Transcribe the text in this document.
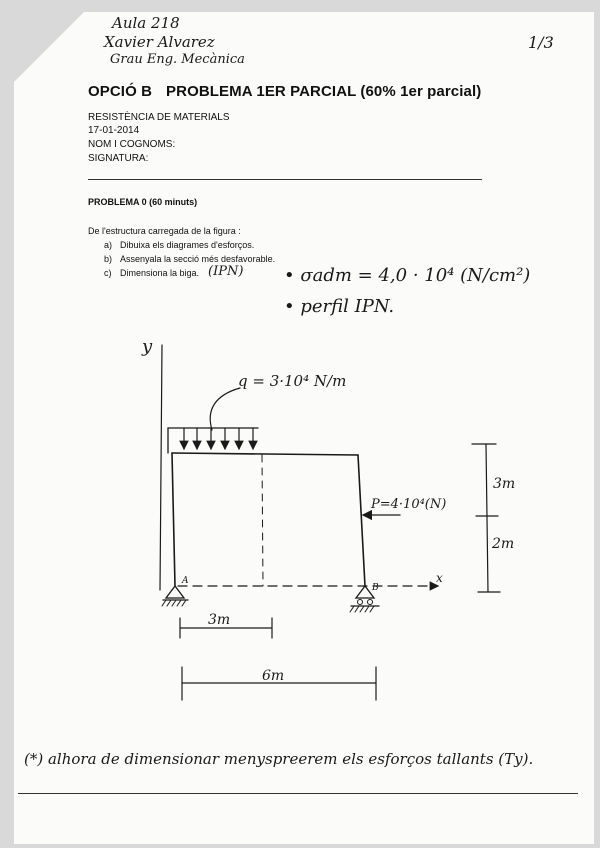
Aula 218
Xavier Alvarez
Grau Eng. Mecànica
1/3
OPCIÓ B PROBLEMA 1ER PARCIAL (60% 1er parcial)
RESISTÈNCIA DE MATERIALS
17-01-2014
NOM I COGNOMS:
SIGNATURA:
PROBLEMA 0 (60 minuts)
De l'estructura carregada de la figura :
a) Dibuixa els diagrames d'esforços.
b) Assenyala la secció més desfavorable.
c) Dimensiona la biga. (IPN) • σadm = 4,0 · 10⁴ (N/cm²)
• perfil IPN.
y
x
q = 3·10⁴ N/m
P=4·10⁴(N)
A
B
3m
6m
3m
2m
(*) alhora de dimensionar menyspreerem els esforços tallants (Ty).
